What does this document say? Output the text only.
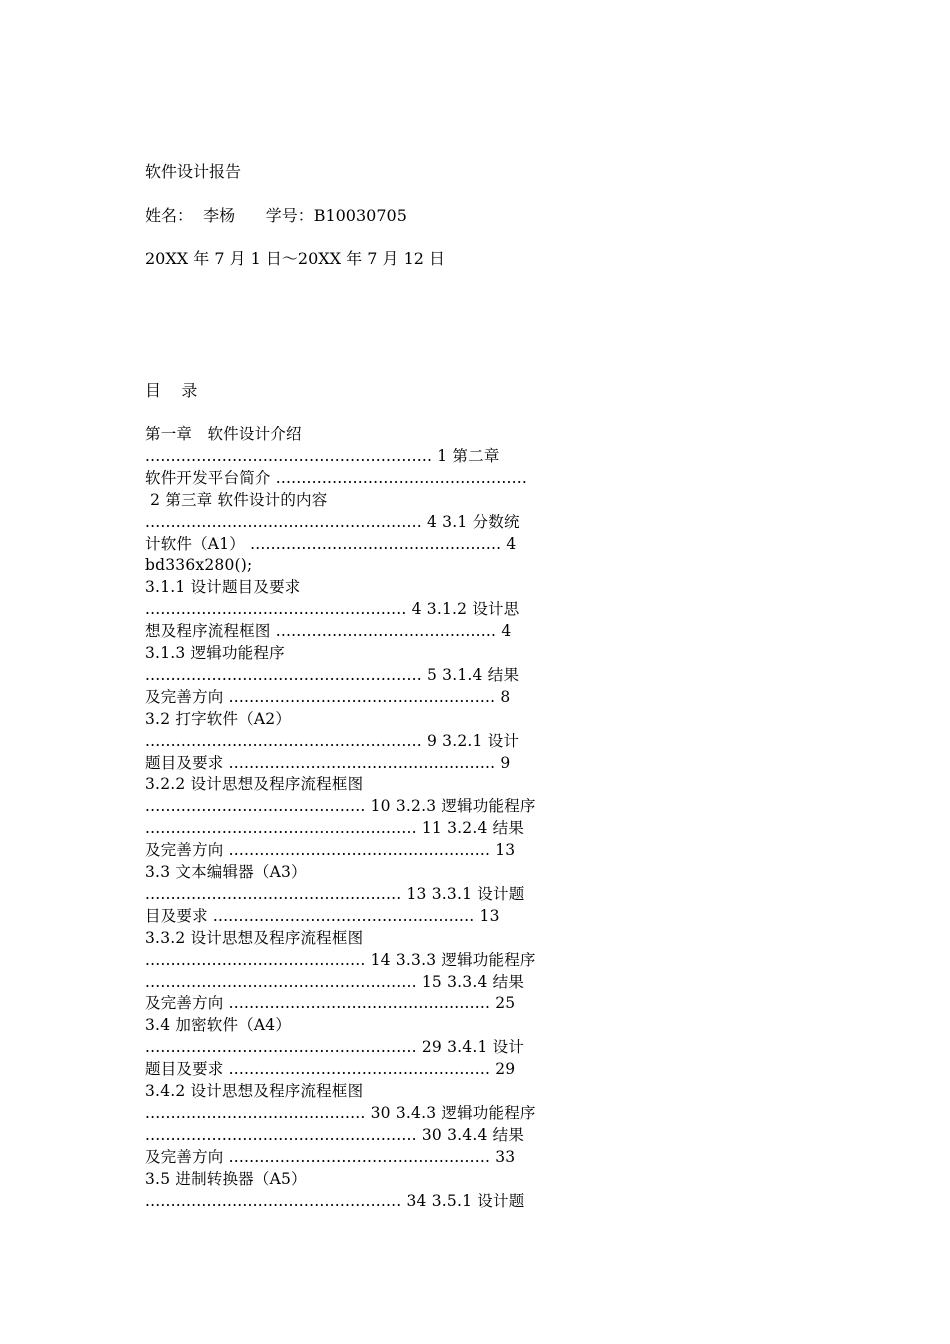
软件设计报告
姓名：  李杨      学号：B10030705
20XX 年 7 月 1 日～20XX 年 7 月 12 日
目    录
第一章   软件设计介绍
........................................................ 1 第二章
软件开发平台简介 .................................................
2 第三章 软件设计的内容
...................................................... 4 3.1 分数统
计软件（A1） ................................................. 4
bd336x280();
3.1.1 设计题目及要求
................................................... 4 3.1.2 设计思
想及程序流程框图 ........................................... 4
3.1.3 逻辑功能程序
...................................................... 5 3.1.4 结果
及完善方向 .................................................... 8
3.2 打字软件（A2）
...................................................... 9 3.2.1 设计
题目及要求 .................................................... 9
3.2.2 设计思想及程序流程框图
........................................... 10 3.2.3 逻辑功能程序
..................................................... 11 3.2.4 结果
及完善方向 ................................................... 13
3.3 文本编辑器（A3）
.................................................. 13 3.3.1 设计题
目及要求 ................................................... 13
3.3.2 设计思想及程序流程框图
........................................... 14 3.3.3 逻辑功能程序
..................................................... 15 3.3.4 结果
及完善方向 ................................................... 25
3.4 加密软件（A4）
..................................................... 29 3.4.1 设计
题目及要求 ................................................... 29
3.4.2 设计思想及程序流程框图
........................................... 30 3.4.3 逻辑功能程序
..................................................... 30 3.4.4 结果
及完善方向 ................................................... 33
3.5 进制转换器（A5）
.................................................. 34 3.5.1 设计题
